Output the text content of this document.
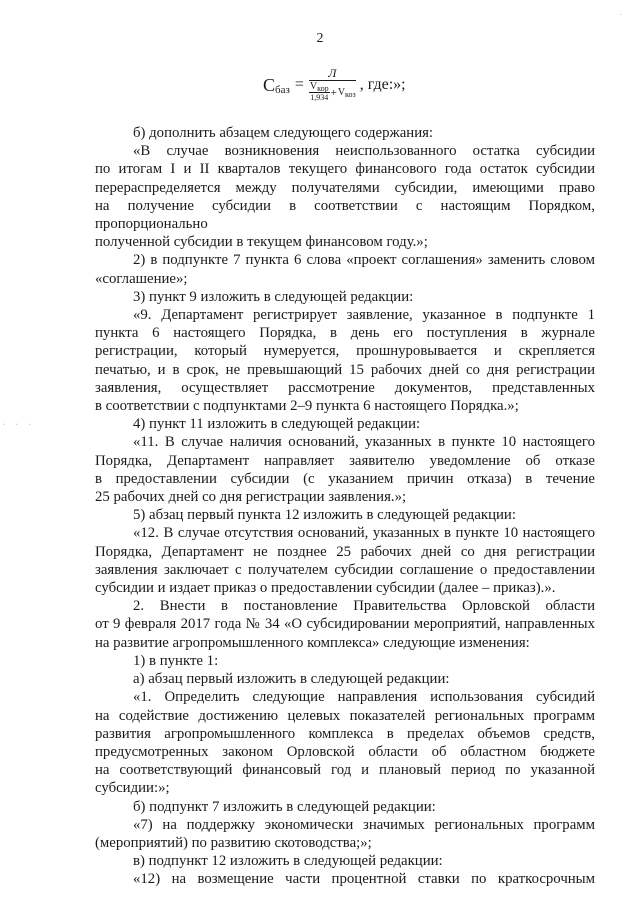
·
· · ·
2
С баз =
Л
$\frac{V_{кор}}{1,934} + V_{коз}$
, где:»;

б) дополнить абзацем следующего содержания:

«В случае возникновения неиспользованного остатка субсидии

по итогам I и II кварталов текущего финансового года остаток субсидии

перераспределяется между получателями субсидии, имеющими право

на получение субсидии в соответствии с настоящим Порядком, пропорционально

полученной субсидии в текущем финансовом году.»;

2) в подпункте 7 пункта 6 слова «проект соглашения» заменить словом

«соглашение»;

3) пункт 9 изложить в следующей редакции:

«9. Департамент регистрирует заявление, указанное в подпункте 1

пункта 6 настоящего Порядка, в день его поступления в журнале

регистрации, который нумеруется, прошнуровывается и скрепляется

печатью, и в срок, не превышающий 15 рабочих дней со дня регистрации

заявления, осуществляет рассмотрение документов, представленных

в соответствии с подпунктами 2–9 пункта 6 настоящего Порядка.»;

4) пункт 11 изложить в следующей редакции:

«11. В случае наличия оснований, указанных в пункте 10 настоящего

Порядка, Департамент направляет заявителю уведомление об отказе

в предоставлении субсидии (с указанием причин отказа) в течение

25 рабочих дней со дня регистрации заявления.»;

5) абзац первый пункта 12 изложить в следующей редакции:

«12. В случае отсутствия оснований, указанных в пункте 10 настоящего

Порядка, Департамент не позднее 25 рабочих дней со дня регистрации

заявления заключает с получателем субсидии соглашение о предоставлении

субсидии и издает приказ о предоставлении субсидии (далее – приказ).».

2. Внести в постановление Правительства Орловской области

от 9 февраля 2017 года № 34 «О субсидировании мероприятий, направленных

на развитие агропромышленного комплекса» следующие изменения:

1) в пункте 1:

а) абзац первый изложить в следующей редакции:

«1. Определить следующие направления использования субсидий

на содействие достижению целевых показателей региональных программ

развития агропромышленного комплекса в пределах объемов средств,

предусмотренных законом Орловской области об областном бюджете

на соответствующий финансовый год и плановый период по указанной

субсидии:»;

б) подпункт 7 изложить в следующей редакции:

«7) на поддержку экономически значимых региональных программ

(мероприятий) по развитию скотоводства;»;

в) подпункт 12 изложить в следующей редакции:

«12) на возмещение части процентной ставки по краткосрочным
